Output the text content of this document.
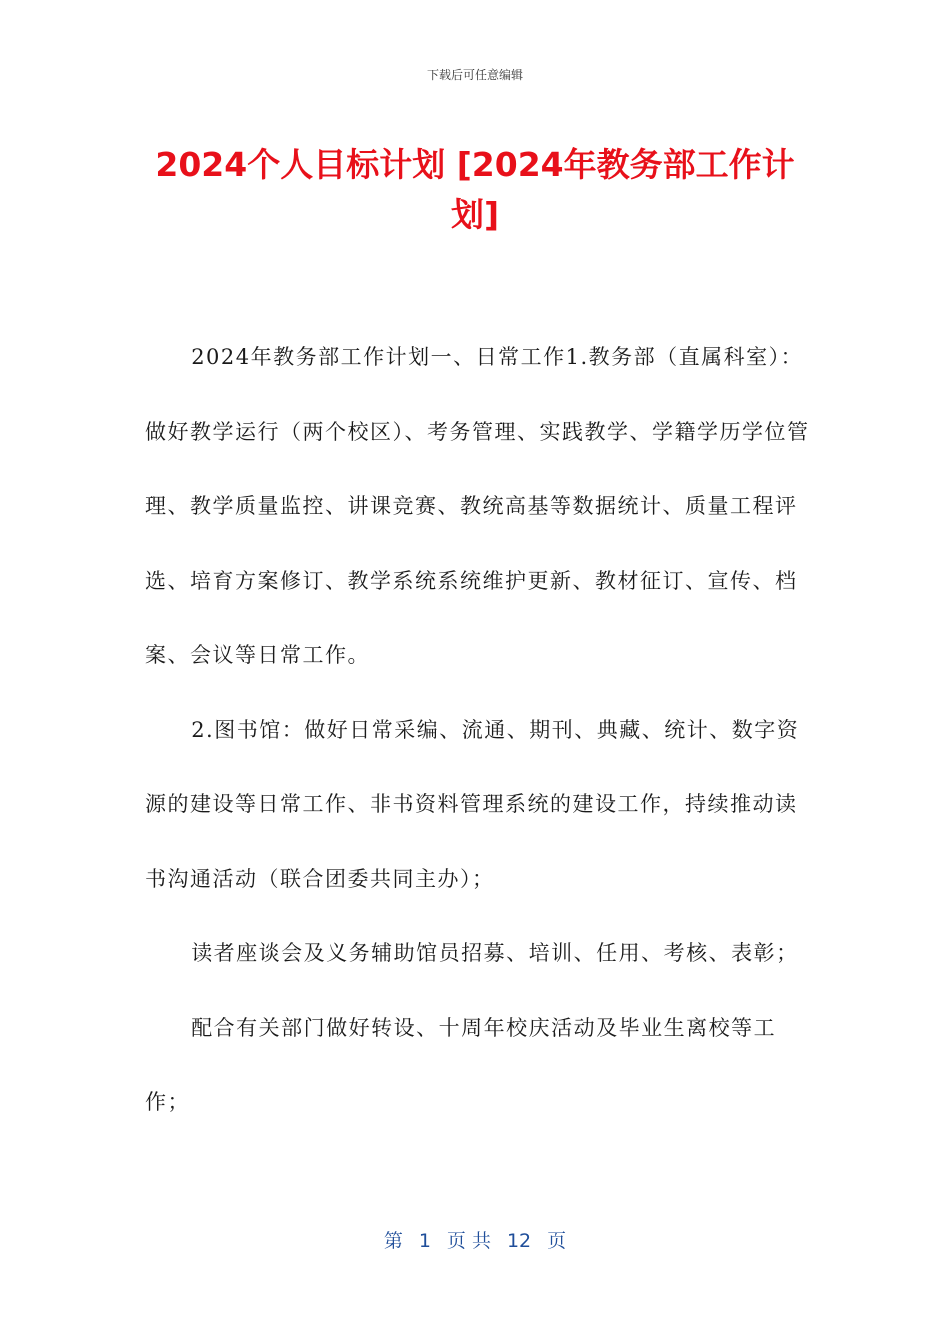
下载后可任意编辑
2024个人目标计划 [2024年教务部工作计划]

2024年教务部工作计划一、日常工作1.教务部（直属科室）：做好教学运行（两个校区）、考务管理、实践教学、学籍学历学位管理、教学质量监控、讲课竞赛、教统高基等数据统计、质量工程评选、培育方案修订、教学系统系统维护更新、教材征订、宣传、档案、会议等日常工作。

2.图书馆：做好日常采编、流通、期刊、典藏、统计、数字资源的建设等日常工作、非书资料管理系统的建设工作，持续推动读书沟通活动（联合团委共同主办）；

读者座谈会及义务辅助馆员招募、培训、任用、考核、表彰；

配合有关部门做好转设、十周年校庆活动及毕业生离校等工作；

第 1 页 共 12 页
